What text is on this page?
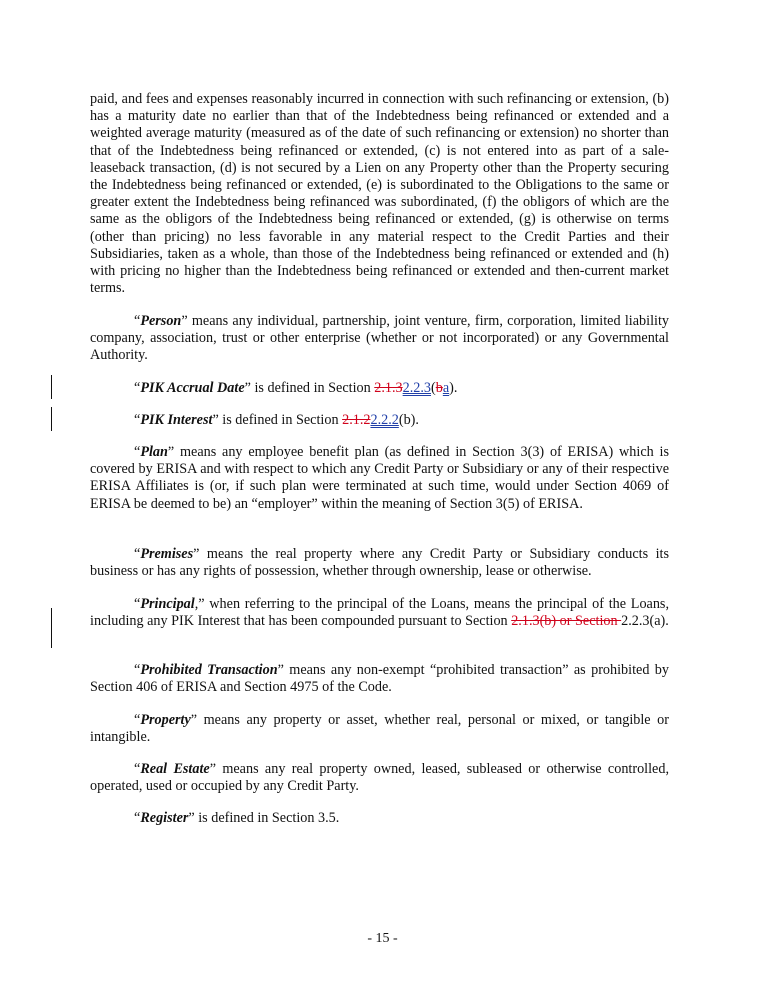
paid, and fees and expenses reasonably incurred in connection with such refinancing or extension, (b) has a maturity date no earlier than that of the Indebtedness being refinanced or extended and a weighted average maturity (measured as of the date of such refinancing or extension) no shorter than that of the Indebtedness being refinanced or extended, (c) is not entered into as part of a sale-leaseback transaction, (d) is not secured by a Lien on any Property other than the Property securing the Indebtedness being refinanced or extended, (e) is subordinated to the Obligations to the same or greater extent the Indebtedness being refinanced was subordinated, (f) the obligors of which are the same as the obligors of the Indebtedness being refinanced or extended, (g) is otherwise on terms (other than pricing) no less favorable in any material respect to the Credit Parties and their Subsidiaries, taken as a whole, than those of the Indebtedness being refinanced or extended and (h) with pricing no higher than the Indebtedness being refinanced or extended and then-current market terms.

“Person” means any individual, partnership, joint venture, firm, corporation, limited liability company, association, trust or other enterprise (whether or not incorporated) or any Governmental Authority.

“PIK Accrual Date” is defined in Section 2.1.32.2.3(ba).

“PIK Interest” is defined in Section 2.1.22.2.2(b).

“Plan” means any employee benefit plan (as defined in Section 3(3) of ERISA) which is covered by ERISA and with respect to which any Credit Party or Subsidiary or any of their respective ERISA Affiliates is (or, if such plan were terminated at such time, would under Section 4069 of ERISA be deemed to be) an “employer” within the meaning of Section 3(5) of ERISA.

“Premises” means the real property where any Credit Party or Subsidiary conducts its business or has any rights of possession, whether through ownership, lease or otherwise.

“Principal,” when referring to the principal of the Loans, means the principal of the Loans, including any PIK Interest that has been compounded pursuant to Section 2.1.3(b) or Section 2.2.3(a).

“Prohibited Transaction” means any non-exempt “prohibited transaction” as prohibited by Section 406 of ERISA and Section 4975 of the Code.

“Property” means any property or asset, whether real, personal or mixed, or tangible or intangible.

“Real Estate” means any real property owned, leased, subleased or otherwise controlled, operated, used or occupied by any Credit Party.

“Register” is defined in Section 3.5.

- 15 -
